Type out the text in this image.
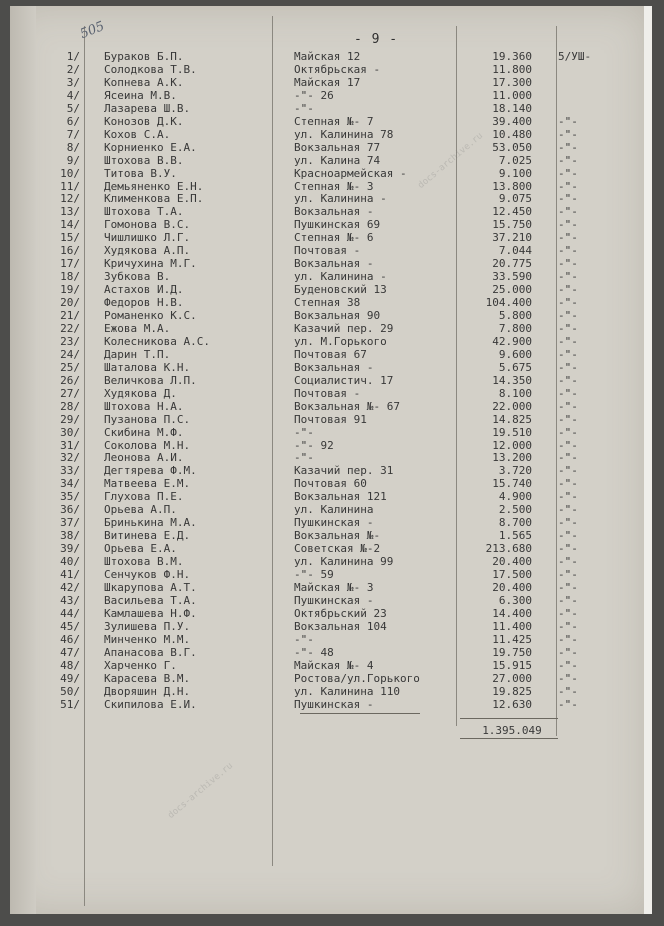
505	- 9 -
1/ Бураков Б.П.	Майская 12	19.360 5/УШ-
2/ Солодкова Т.В.	Октябрьская -	11.800
3/ Копнева А.К.	Майская 17	17.300
4/ Ясеина М.В.	-"- 26	11.000
5/ Лазарева Ш.В.	-"-	18.140
6/ Конозов Д.К.	Степная №- 7	39.400 -"-
7/ Кохов С.А.	ул. Калинина 78	10.480 -"-
8/ Корниенко Е.А.	Вокзальная 77	53.050 -"-
9/ Штохова В.В.	ул. Калина 74	7.025 -"-
10/ Титова В.У.	Красноармейская -	9.100 -"-
11/ Демьяненко Е.Н.	Степная №- 3	13.800 -"-
12/ Клименкова Е.П.	ул. Калинина -	9.075 -"-
13/ Штохова Т.А.	Вокзальная -	12.450 -"-
14/ Гомонова В.С.	Пушкинская 69	15.750 -"-
15/ Чишлишко Л.Г.	Степная №- 6	37.210 -"-
16/ Худякова А.П.	Почтовая -	7.044 -"-
17/ Кричухина М.Г.	Вокзальная -	20.775 -"-
18/ Зубкова В.	ул. Калинина -	33.590 -"-
19/ Астахов И.Д.	Буденовский 13	25.000 -"-
20/ Федоров Н.В.	Степная 38	104.400 -"-
21/ Романенко К.С.	Вокзальная 90	5.800 -"-
22/ Ежова М.А.	Казачий пер. 29	7.800 -"-
23/ Колесникова А.С.	ул. М.Горького	42.900 -"-
24/ Дарин Т.П.	Почтовая 67	9.600 -"-
25/ Шаталова К.Н.	Вокзальная -	5.675 -"-
26/ Величкова Л.П.	Социалистич. 17	14.350 -"-
27/ Худякова Д.	Почтовая -	8.100 -"-
28/ Штохова Н.А.	Вокзальная №- 67	22.000 -"-
29/ Пузанова П.С.	Почтовая 91	14.825 -"-
30/ Скибина М.Ф.	-"-	19.510 -"-
31/ Соколова М.Н.	-"- 92	12.000 -"-
32/ Леонова А.И.	-"-	13.200 -"-
33/ Дегтярева Ф.М.	Казачий пер. 31	3.720 -"-
34/ Матвеева Е.М.	Почтовая 60	15.740 -"-
35/ Глухова П.Е.	Вокзальная 121	4.900 -"-
36/ Орьева А.П.	ул. Калинина	2.500 -"-
37/ Бринькина М.А.	Пушкинская -	8.700 -"-
38/ Витинева Е.Д.	Вокзальная №-	1.565 -"-
39/ Орьева Е.А.	Советская №-2	213.680 -"-
40/ Штохова В.М.	ул. Калинина 99	20.400 -"-
41/ Сенчуков Ф.Н.	-"- 59	17.500 -"-
42/ Шкарупова А.Т.	Майская №- 3	20.400 -"-
43/ Васильева Т.А.	Пушкинская -	6.300 -"-
44/ Камлашева Н.Ф.	Октябрьский 23	14.400 -"-
45/ Зулишева П.У.	Вокзальная 104	11.400 -"-
46/ Минченко М.М.	-"-	11.425 -"-
47/ Апанасова В.Г.	-"- 48	19.750 -"-
48/ Харченко Г.	Майская №- 4	15.915 -"-
49/ Карасева В.М.	Ростова/ул.Горького	27.000 -"-
50/ Дворяшин Д.Н.	ул. Калинина 110	19.825 -"-
51/ Скипилова Е.И.	Пушкинская -	12.630 -"-
1.395.049
docs-archive.ru
docs-archive.ru
